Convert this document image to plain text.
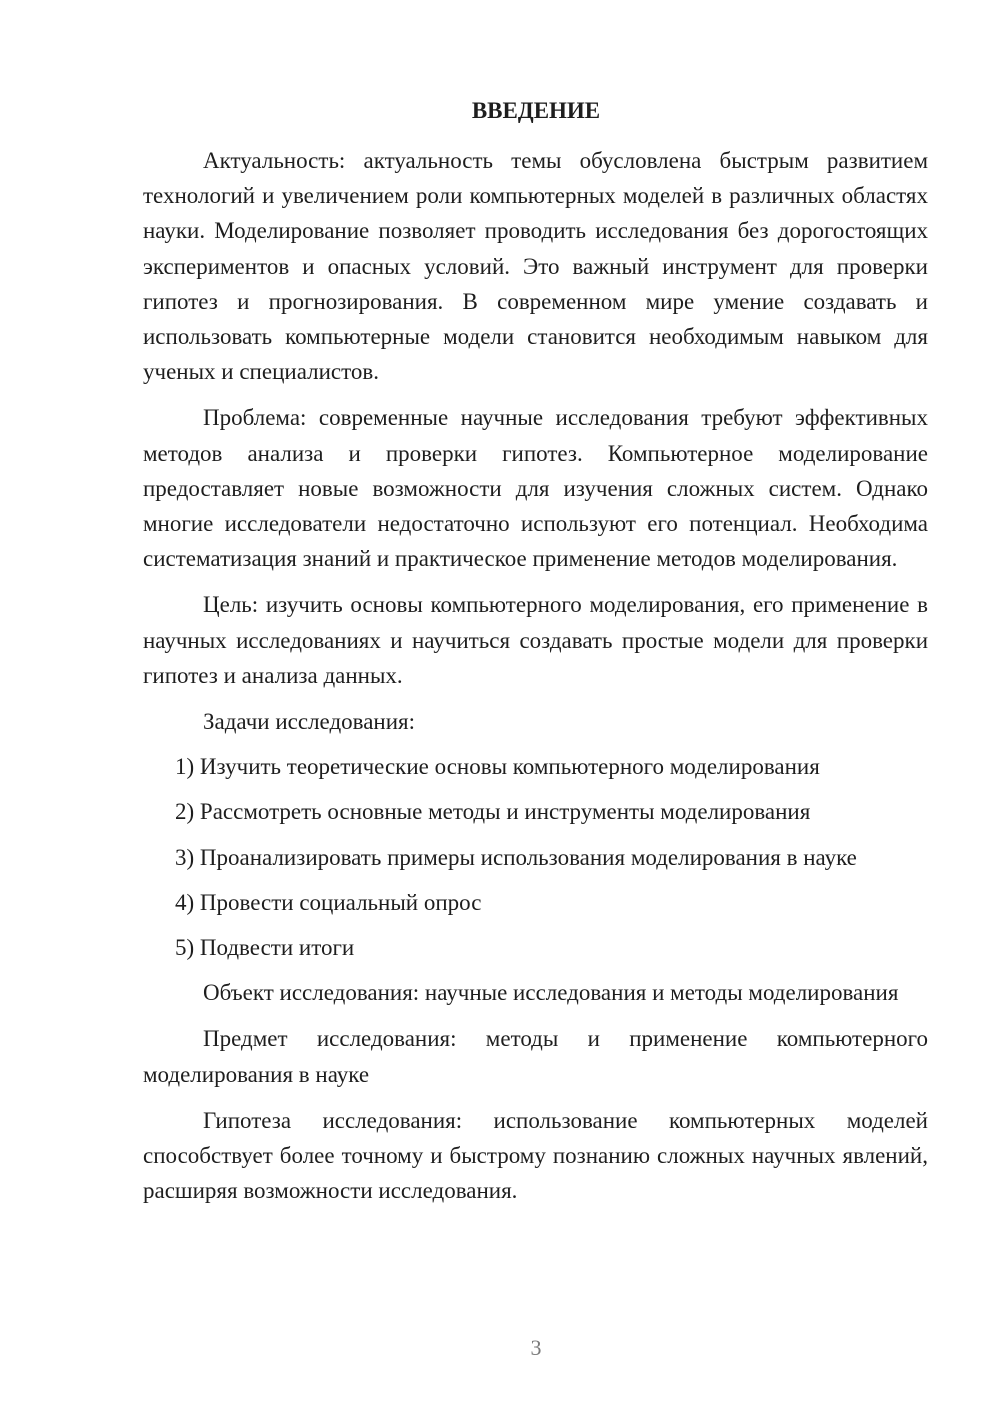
ВВЕДЕНИЕ

Актуальность: актуальность темы обусловлена быстрым развитием технологий и увеличением роли компьютерных моделей в различных областях науки. Моделирование позволяет проводить исследования без дорогостоящих экспериментов и опасных условий. Это важный инструмент для проверки гипотез и прогнозирования. В современном мире умение создавать и использовать компьютерные модели становится необходимым навыком для ученых и специалистов.

Проблема: современные научные исследования требуют эффективных методов анализа и проверки гипотез. Компьютерное моделирование предоставляет новые возможности для изучения сложных систем. Однако многие исследователи недостаточно используют его потенциал. Необходима систематизация знаний и практическое применение методов моделирования.

Цель: изучить основы компьютерного моделирования, его применение в научных исследованиях и научиться создавать простые модели для проверки гипотез и анализа данных.

Задачи исследования:

1) Изучить теоретические основы компьютерного моделирования
2) Рассмотреть основные методы и инструменты моделирования
3) Проанализировать примеры использования моделирования в науке
4) Провести социальный опрос
5) Подвести итоги

Объект исследования: научные исследования и методы моделирования

Предмет исследования: методы и применение компьютерного моделирования в науке

Гипотеза исследования: использование компьютерных моделей способствует более точному и быстрому познанию сложных научных явлений, расширяя возможности исследования.

3
